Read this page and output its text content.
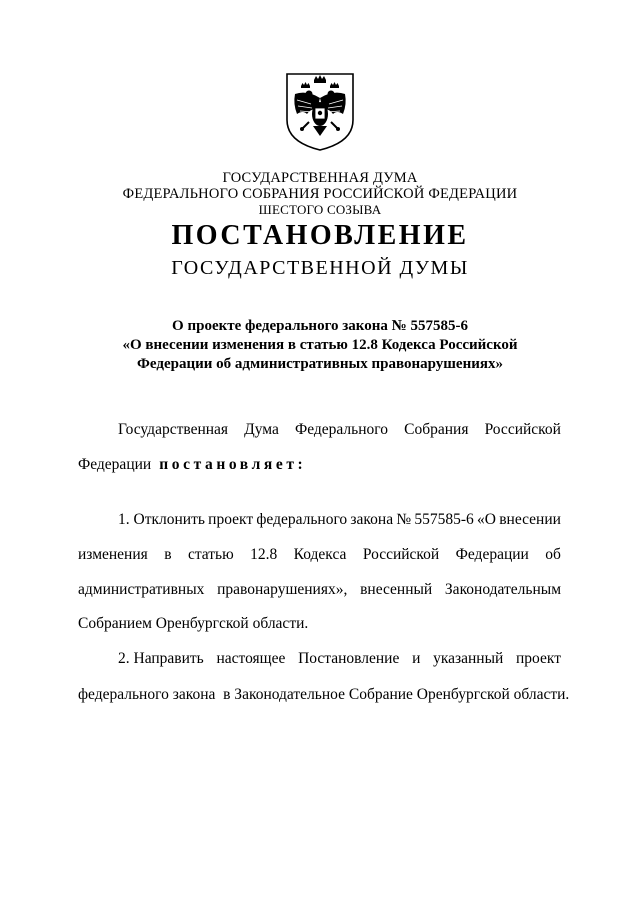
ГОСУДАРСТВЕННАЯ ДУМА
ФЕДЕРАЛЬНОГО СОБРАНИЯ РОССИЙСКОЙ ФЕДЕРАЦИИ
ШЕСТОГО СОЗЫВА
ПОСТАНОВЛЕНИЕ
ГОСУДАРСТВЕННОЙ ДУМЫ
О проекте федерального закона № 557585-6
«О внесении изменения в статью 12.8 Кодекса Российской
Федерации об административных правонарушениях»
Государственная Дума Федерального Собрания Российской
Федерации постановляет:
1. Отклонить проект федерального закона № 557585-6 «О внесении
изменения в статью 12.8 Кодекса Российской Федерации об
административных правонарушениях», внесенный Законодательным
Собранием Оренбургской области.
2. Направить настоящее Постановление и указанный проект
федерального закона  в Законодательное Собрание Оренбургской области.
